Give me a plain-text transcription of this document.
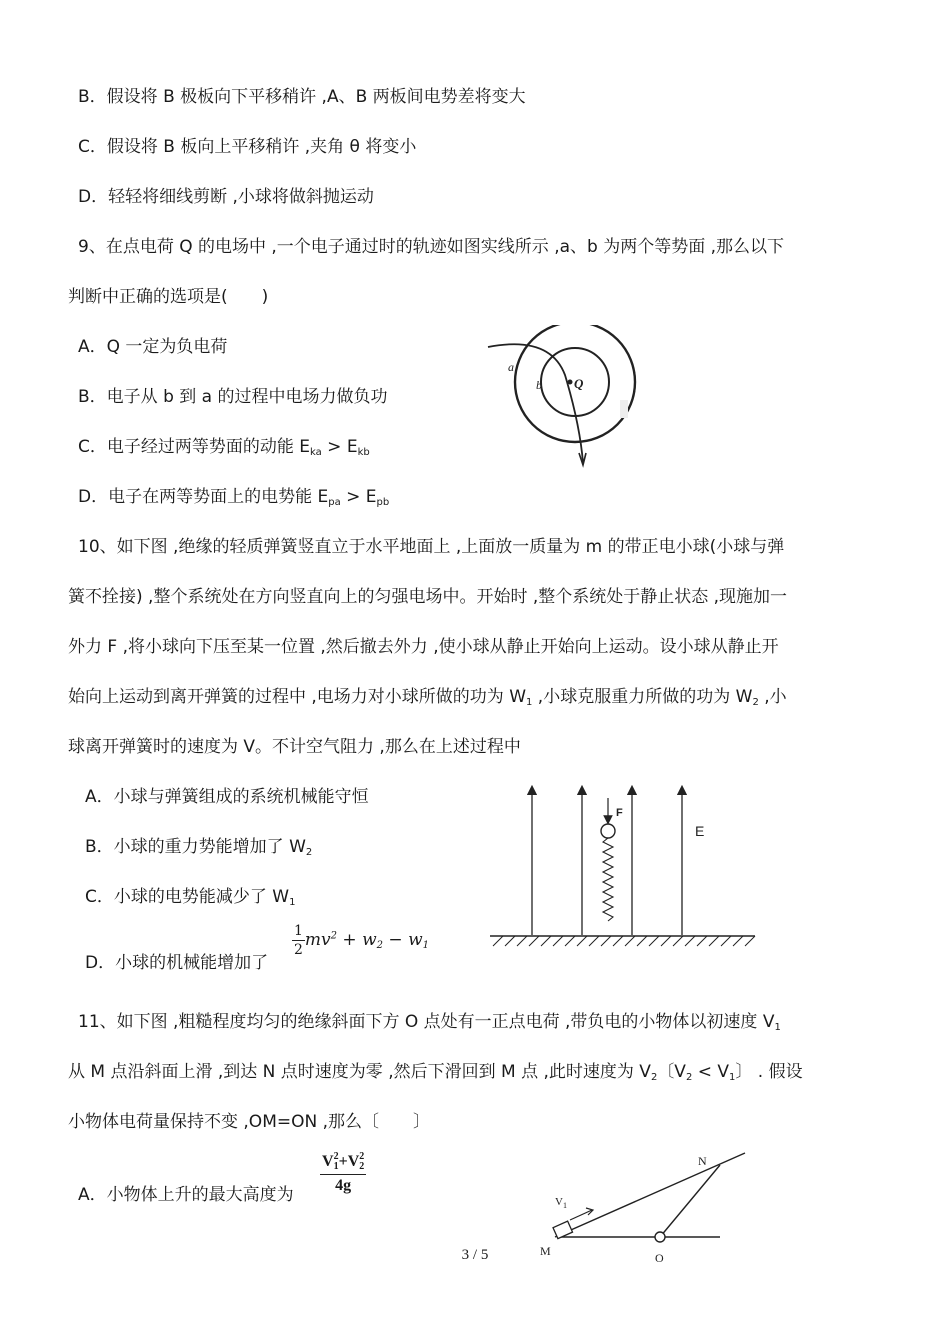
B．假设将 B 极板向下平移稍许 ,A、B 两板间电势差将变大
C．假设将 B 板向上平移稍许 ,夹角 θ 将变小
D．轻轻将细线剪断 ,小球将做斜抛运动
9、在点电荷 Q 的电场中 ,一个电子通过时的轨迹如图实线所示 ,a、b 为两个等势面 ,那么以下
判断中正确的选项是(　　)
A．Q 一定为负电荷
B．电子从 b 到 a 的过程中电场力做负功
C．电子经过两等势面的动能 $E_{ka} > E_{kb}$
D．电子在两等势面上的电势能 $E_{pa} > E_{pb}$
a
b Q
10、如下图 ,绝缘的轻质弹簧竖直立于水平地面上 ,上面放一质量为 m 的带正电小球(小球与弹
簧不拴接) ,整个系统处在方向竖直向上的匀强电场中。开始时 ,整个系统处于静止状态 ,现施加一
外力 F ,将小球向下压至某一位置 ,然后撤去外力 ,使小球从静止开始向上运动。设小球从静止开
始向上运动到离开弹簧的过程中 ,电场力对小球所做的功为 $W_1$ ,小球克服重力所做的功为 $W_2$ ,小
球离开弹簧时的速度为 V。不计空气阻力 ,那么在上述过程中
A．小球与弹簧组成的系统机械能守恒
B．小球的重力势能增加了 $W_2$
C．小球的电势能减少了 $W_1$
D．小球的机械能增加了
$\frac{1}{2} mv^2 + w_2 - w_1$
F
E
11、如下图 ,粗糙程度均匀的绝缘斜面下方 O 点处有一正点电荷 ,带负电的小物体以初速度 $V_1$
从 M 点沿斜面上滑 ,到达 N 点时速度为零 ,然后下滑回到 M 点 ,此时速度为 $V_2$〔$V_2 < V_1$〕 . 假设
小物体电荷量保持不变 ,OM=ON ,那么〔　　〕
A．小物体上升的最大高度为
V 2
1 +V 2
2
4g
$V_1$
M
N
O
3 / 5
